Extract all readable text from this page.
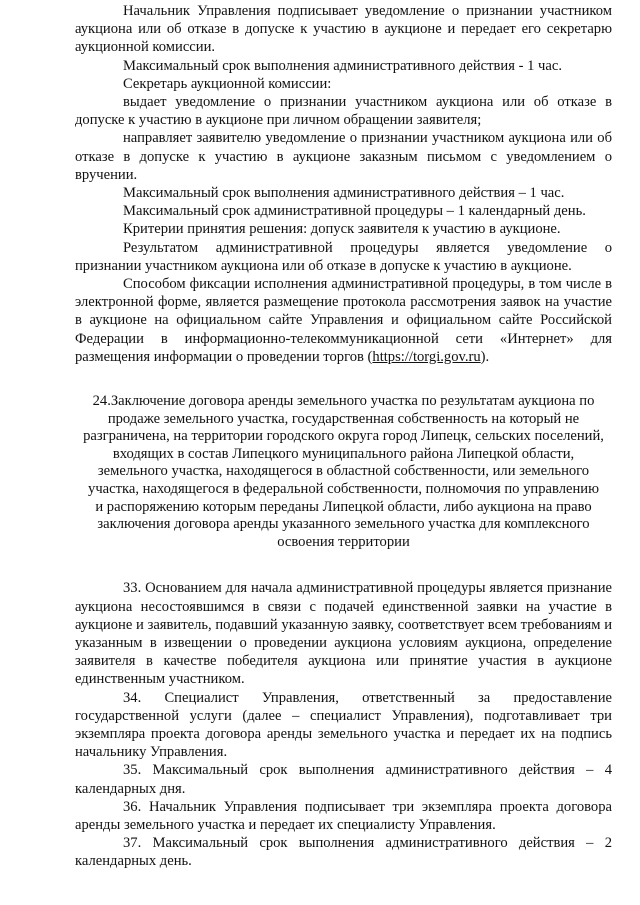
Начальник Управления подписывает уведомление о признании участником аукциона или об отказе в допуске к участию в аукционе и передает его секретарю аукционной комиссии.

Максимальный срок выполнения административного действия - 1 час.

Секретарь аукционной комиссии:

выдает уведомление о признании участником аукциона или об отказе в допуске к участию в аукционе при личном обращении заявителя;

направляет заявителю уведомление о признании участником аукциона или об отказе в допуске к участию в аукционе заказным письмом с уведомлением о вручении.

Максимальный срок выполнения административного действия – 1 час.

Максимальный срок административной процедуры – 1 календарный день.

Критерии принятия решения: допуск заявителя к участию в аукционе.

Результатом административной процедуры является уведомление о признании участником аукциона или об отказе в допуске к участию в аукционе.

Способом фиксации исполнения административной процедуры, в том числе в электронной форме, является размещение протокола рассмотрения заявок на участие в аукционе на официальном сайте Управления и официальном сайте Российской Федерации в информационно-телекоммуникационной сети «Интернет» для размещения информации о проведении торгов (https://torgi.gov.ru).

24.Заключение договора аренды земельного участка по результатам аукциона по продаже земельного участка, государственная собственность на который не разграничена, на территории городского округа город Липецк, сельских поселений, входящих в состав Липецкого муниципального района Липецкой области, земельного участка, находящегося в областной собственности, или земельного участка, находящегося в федеральной собственности, полномочия по управлению и распоряжению которым переданы Липецкой области, либо аукциона на право заключения договора аренды указанного земельного участка для комплексного освоения территории

33. Основанием для начала административной процедуры является признание аукциона несостоявшимся в связи с подачей единственной заявки на участие в аукционе и заявитель, подавший указанную заявку, соответствует всем требованиям и указанным в извещении о проведении аукциона условиям аукциона, определение заявителя в качестве победителя аукциона или принятие участия в аукционе единственным участником.

34. Специалист Управления, ответственный за предоставление государственной услуги (далее – специалист Управления), подготавливает три экземпляра проекта договора аренды земельного участка и передает их на подпись начальнику Управления.

35. Максимальный срок выполнения административного действия – 4 календарных дня.

36. Начальник Управления подписывает три экземпляра проекта договора аренды земельного участка и передает их специалисту Управления.

37. Максимальный срок выполнения административного действия – 2 календарных день.
